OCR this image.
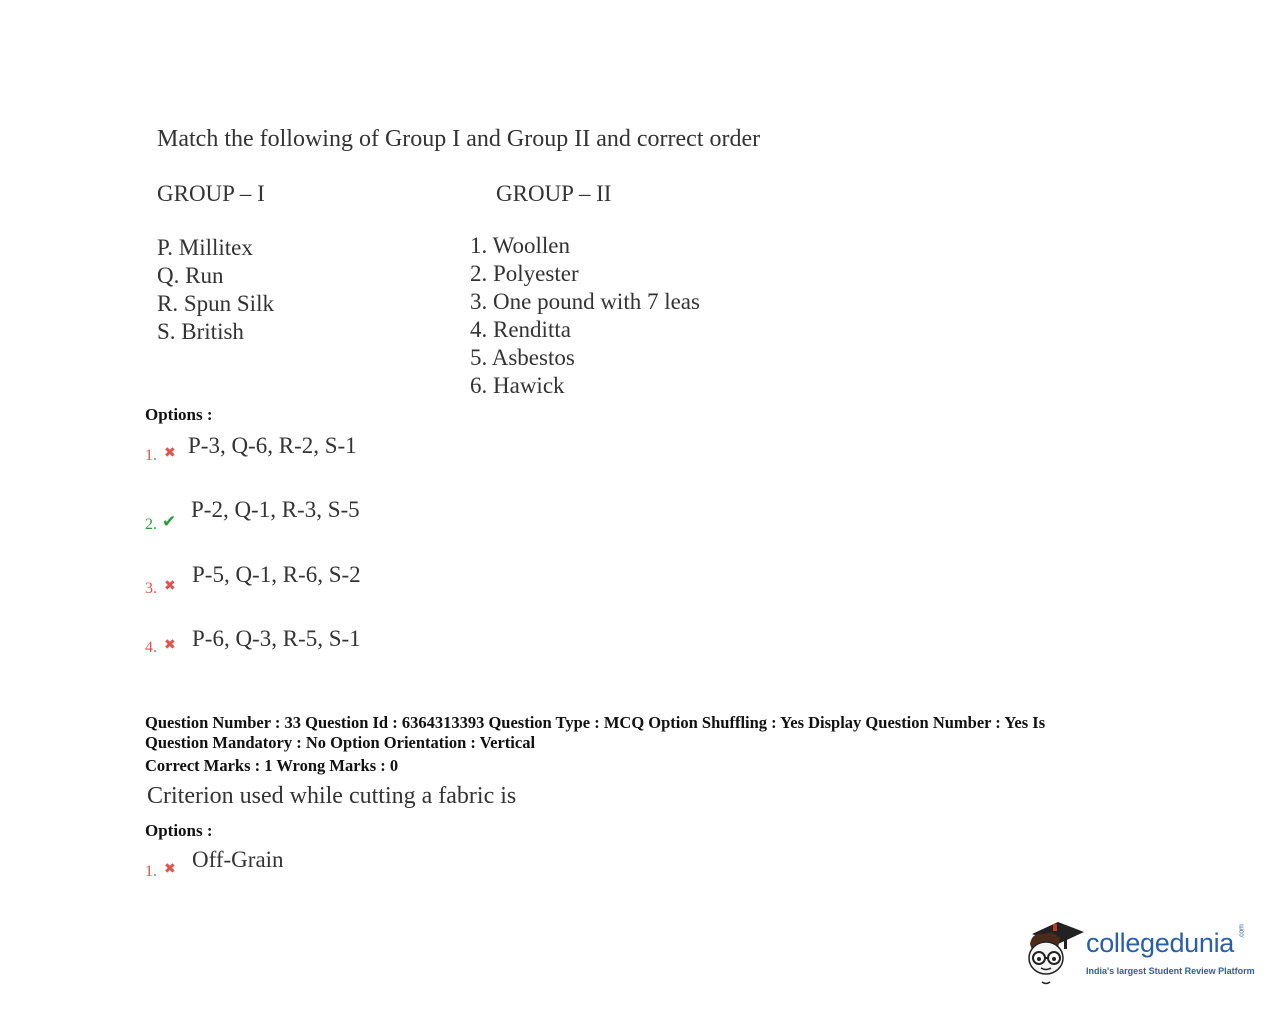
Match the following of Group I and Group II and correct order
GROUP – I	GROUP – II
P. Millitex
Q. Run
R. Spun Silk
S. British
1. Woollen
2. Polyester
3. One pound with 7 leas
4. Renditta
5. Asbestos
6. Hawick
Options :
1. ✖ P-3, Q-6, R-2, S-1
2. ✔ P-2, Q-1, R-3, S-5
3. ✖ P-5, Q-1, R-6, S-2
4. ✖ P-6, Q-3, R-5, S-1
Question Number : 33 Question Id : 6364313393 Question Type : MCQ Option Shuffling : Yes Display Question Number : Yes Is
Question Mandatory : No Option Orientation : Vertical
Correct Marks : 1 Wrong Marks : 0
Criterion used while cutting a fabric is
Options :
1. ✖ Off-Grain
collegedunia .com
India's largest Student Review Platform
